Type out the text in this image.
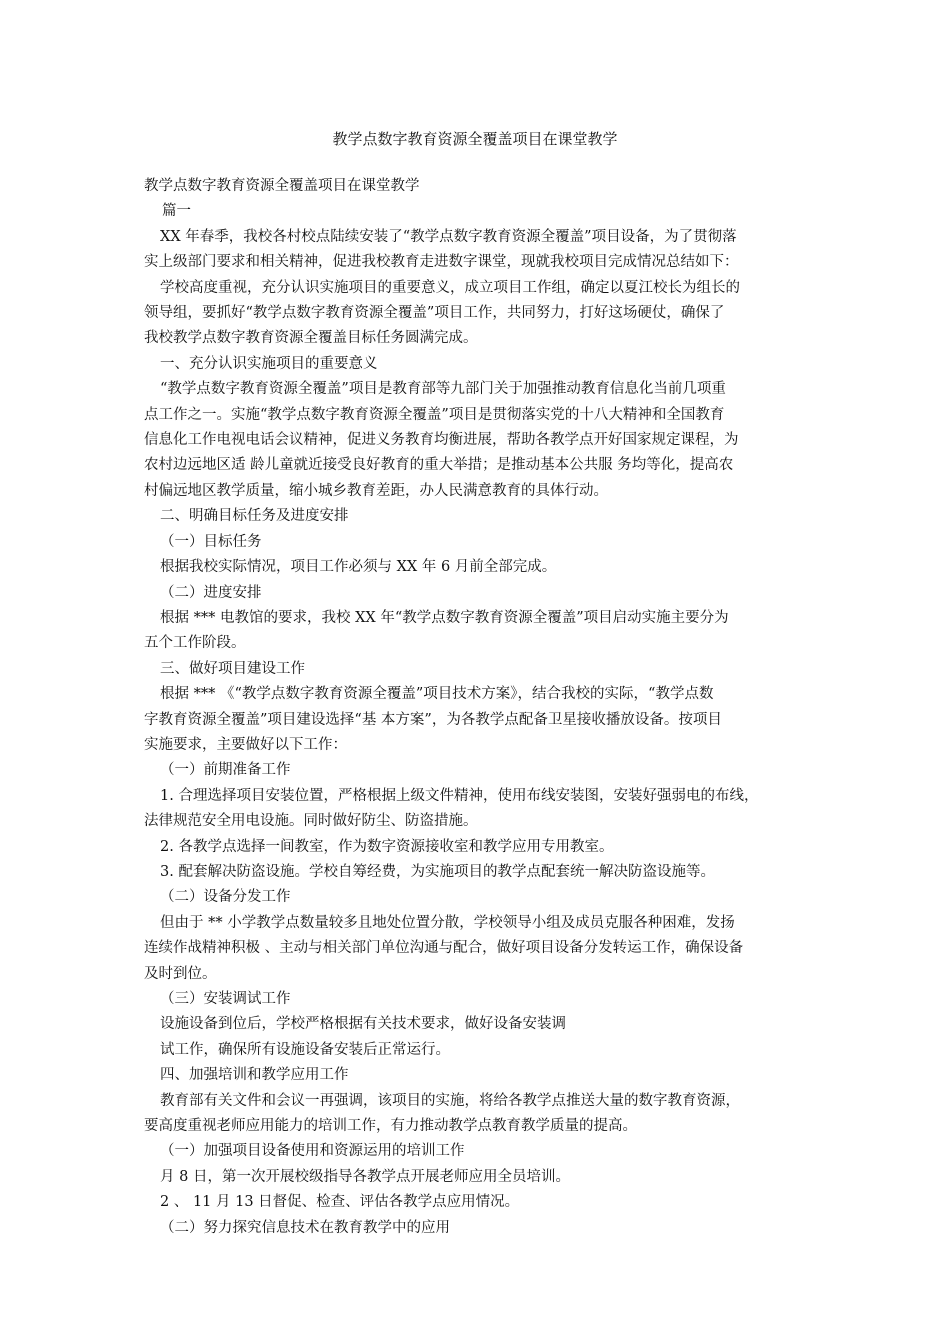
教学点数字教育资源全覆盖项目在课堂教学

教学点数字教育资源全覆盖项目在课堂教学

篇一

XX 年春季，我校各村校点陆续安装了“教学点数字教育资源全覆盖”项目设备，为了贯彻落

实上级部门要求和相关精神，促进我校教育走进数字课堂，现就我校项目完成情况总结如下：

学校高度重视，充分认识实施项目的重要意义，成立项目工作组，确定以夏江校长为组长的

领导组，要抓好“教学点数字教育资源全覆盖”项目工作，共同努力，打好这场硬仗，确保了

我校教学点数字教育资源全覆盖目标任务圆满完成。

一、充分认识实施项目的重要意义

“教学点数字教育资源全覆盖”项目是教育部等九部门关于加强推动教育信息化当前几项重

点工作之一。实施“教学点数字教育资源全覆盖”项目是贯彻落实党的十八大精神和全国教育

信息化工作电视电话会议精神，促进义务教育均衡进展，帮助各教学点开好国家规定课程，为

农村边远地区适 龄儿童就近接受良好教育的重大举措；是推动基本公共服 务均等化，提高农

村偏远地区教学质量，缩小城乡教育差距，办人民满意教育的具体行动。

二、明确目标任务及进度安排

（一）目标任务

根据我校实际情况，项目工作必须与 XX 年 6 月前全部完成。

（二）进度安排

根据 *** 电教馆的要求，我校 XX 年“教学点数字教育资源全覆盖”项目启动实施主要分为

五个工作阶段。

三、做好项目建设工作

根据 *** 《“教学点数字教育资源全覆盖”项目技术方案》，结合我校的实际，“教学点数

字教育资源全覆盖”项目建设选择“基 本方案”，为各教学点配备卫星接收播放设备。按项目

实施要求，主要做好以下工作：

（一）前期准备工作

1. 合理选择项目安装位置，严格根据上级文件精神，使用布线安装图，安装好强弱电的布线，

法律规范安全用电设施。同时做好防尘、防盗措施。

2. 各教学点选择一间教室，作为数字资源接收室和教学应用专用教室。

3. 配套解决防盗设施。学校自筹经费，为实施项目的教学点配套统一解决防盗设施等。

（二）设备分发工作

但由于 ** 小学教学点数量较多且地处位置分散，学校领导小组及成员克服各种困难，发扬

连续作战精神积极 、主动与相关部门单位沟通与配合，做好项目设备分发转运工作，确保设备

及时到位。

（三）安装调试工作

设施设备到位后，学校严格根据有关技术要求，做好设备安装调

试工作，确保所有设施设备安装后正常运行。

四、加强培训和教学应用工作

教育部有关文件和会议一再强调，该项目的实施，将给各教学点推送大量的数字教育资源，

要高度重视老师应用能力的培训工作，有力推动教学点教育教学质量的提高。

（一）加强项目设备使用和资源运用的培训工作

月 8 日，第一次开展校级指导各教学点开展老师应用全员培训。

2 、 11 月 13 日督促、检查、评估各教学点应用情况。

（二）努力探究信息技术在教育教学中的应用
